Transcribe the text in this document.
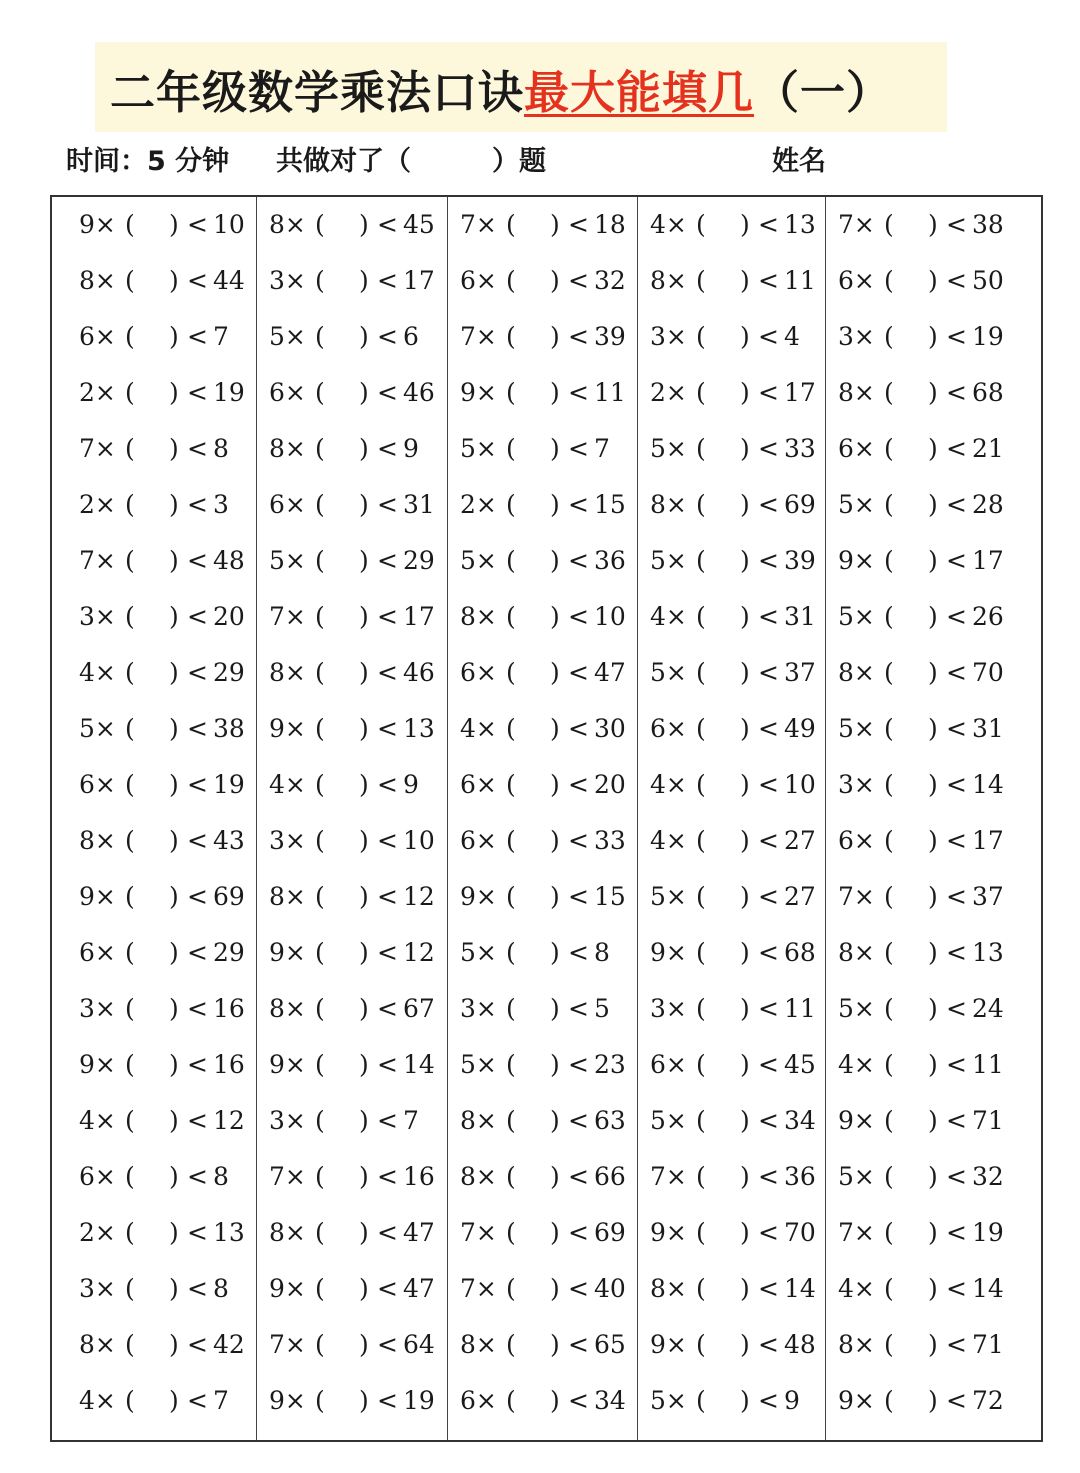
二年级数学乘法口诀最大能填几（一）
时间：5 分钟 共做对了（　　　）题	姓名
9× ( ) <  10
8× ( ) <  44
6× ( ) <  7
2× ( ) <  19
7× ( ) <  8
2× ( ) <  3
7× ( ) <  48
3× ( ) <  20
4× ( ) <  29
5× ( ) <  38
6× ( ) <  19
8× ( ) <  43
9× ( ) <  69
6× ( ) <  29
3× ( ) <  16
9× ( ) <  16
4× ( ) <  12
6× ( ) <  8
2× ( ) <  13
3× ( ) <  8
8× ( ) <  42
4× ( ) <  7
8× ( ) <  45
3× ( ) <  17
5× ( ) <  6
6× ( ) <  46
8× ( ) <  9
6× ( ) <  31
5× ( ) <  29
7× ( ) <  17
8× ( ) <  46
9× ( ) <  13
4× ( ) <  9
3× ( ) <  10
8× ( ) <  12
9× ( ) <  12
8× ( ) <  67
9× ( ) <  14
3× ( ) <  7
7× ( ) <  16
8× ( ) <  47
9× ( ) <  47
7× ( ) <  64
9× ( ) <  19
7× ( ) <  18
6× ( ) <  32
7× ( ) <  39
9× ( ) <  11
5× ( ) <  7
2× ( ) <  15
5× ( ) <  36
8× ( ) <  10
6× ( ) <  47
4× ( ) <  30
6× ( ) <  20
6× ( ) <  33
9× ( ) <  15
5× ( ) <  8
3× ( ) <  5
5× ( ) <  23
8× ( ) <  63
8× ( ) <  66
7× ( ) <  69
7× ( ) <  40
8× ( ) <  65
6× ( ) <  34
4× ( ) <  13
8× ( ) <  11
3× ( ) <  4
2× ( ) <  17
5× ( ) <  33
8× ( ) <  69
5× ( ) <  39
4× ( ) <  31
5× ( ) <  37
6× ( ) <  49
4× ( ) <  10
4× ( ) <  27
5× ( ) <  27
9× ( ) <  68
3× ( ) <  11
6× ( ) <  45
5× ( ) <  34
7× ( ) <  36
9× ( ) <  70
8× ( ) <  14
9× ( ) <  48
5× ( ) <  9
7× ( ) <  38
6× ( ) <  50
3× ( ) <  19
8× ( ) <  68
6× ( ) <  21
5× ( ) <  28
9× ( ) <  17
5× ( ) <  26
8× ( ) <  70
5× ( ) <  31
3× ( ) <  14
6× ( ) <  17
7× ( ) <  37
8× ( ) <  13
5× ( ) <  24
4× ( ) <  11
9× ( ) <  71
5× ( ) <  32
7× ( ) <  19
4× ( ) <  14
8× ( ) <  71
9× ( ) <  72
